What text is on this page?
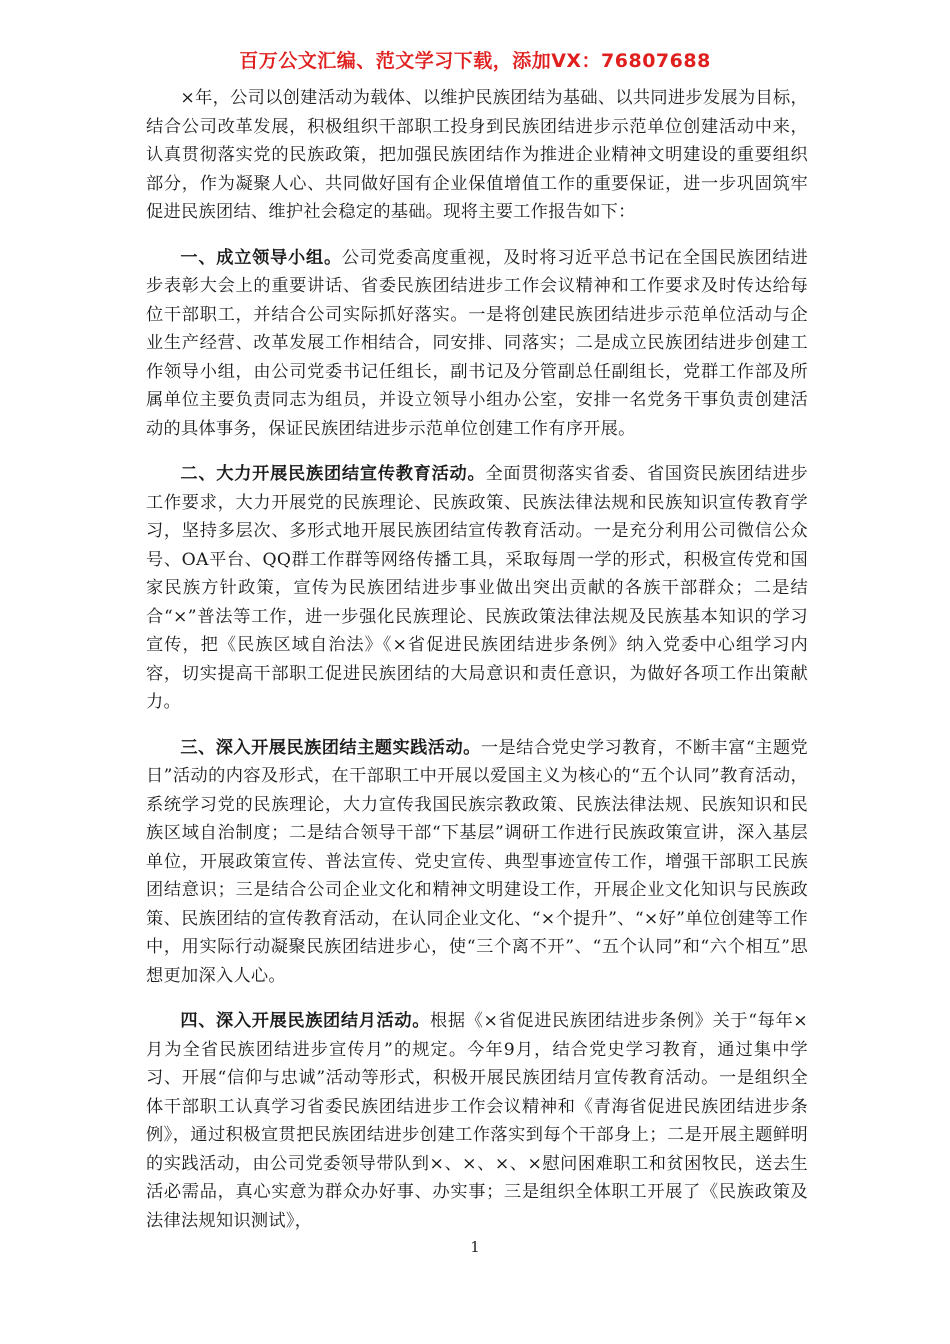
百万公文汇编、范文学习下载，添加VX：76807688

×年，公司以创建活动为载体、以维护民族团结为基础、以共同进步发展为目标，结合公司改革发展，积极组织干部职工投身到民族团结进步示范单位创建活动中来，认真贯彻落实党的民族政策，把加强民族团结作为推进企业精神文明建设的重要组织部分，作为凝聚人心、共同做好国有企业保值增值工作的重要保证，进一步巩固筑牢促进民族团结、维护社会稳定的基础。现将主要工作报告如下：

一、成立领导小组。公司党委高度重视，及时将习近平总书记在全国民族团结进步表彰大会上的重要讲话、省委民族团结进步工作会议精神和工作要求及时传达给每位干部职工，并结合公司实际抓好落实。一是将创建民族团结进步示范单位活动与企业生产经营、改革发展工作相结合，同安排、同落实；二是成立民族团结进步创建工作领导小组，由公司党委书记任组长，副书记及分管副总任副组长，党群工作部及所属单位主要负责同志为组员，并设立领导小组办公室，安排一名党务干事负责创建活动的具体事务，保证民族团结进步示范单位创建工作有序开展。

二、大力开展民族团结宣传教育活动。全面贯彻落实省委、省国资民族团结进步工作要求，大力开展党的民族理论、民族政策、民族法律法规和民族知识宣传教育学习，坚持多层次、多形式地开展民族团结宣传教育活动。一是充分利用公司微信公众号、OA平台、QQ群工作群等网络传播工具，采取每周一学的形式，积极宣传党和国家民族方针政策，宣传为民族团结进步事业做出突出贡献的各族干部群众；二是结合“×”普法等工作，进一步强化民族理论、民族政策法律法规及民族基本知识的学习宣传，把《民族区域自治法》《×省促进民族团结进步条例》纳入党委中心组学习内容，切实提高干部职工促进民族团结的大局意识和责任意识，为做好各项工作出策献力。

三、深入开展民族团结主题实践活动。一是结合党史学习教育，不断丰富“主题党日”活动的内容及形式，在干部职工中开展以爱国主义为核心的“五个认同”教育活动，系统学习党的民族理论，大力宣传我国民族宗教政策、民族法律法规、民族知识和民族区域自治制度；二是结合领导干部“下基层”调研工作进行民族政策宣讲，深入基层单位，开展政策宣传、普法宣传、党史宣传、典型事迹宣传工作，增强干部职工民族团结意识；三是结合公司企业文化和精神文明建设工作，开展企业文化知识与民族政策、民族团结的宣传教育活动，在认同企业文化、“×个提升”、“×好”单位创建等工作中，用实际行动凝聚民族团结进步心，使“三个离不开”、“五个认同”和“六个相互”思想更加深入人心。

四、深入开展民族团结月活动。根据《×省促进民族团结进步条例》关于“每年×月为全省民族团结进步宣传月”的规定。今年9月，结合党史学习教育，通过集中学习、开展“信仰与忠诚”活动等形式，积极开展民族团结月宣传教育活动。一是组织全体干部职工认真学习省委民族团结进步工作会议精神和《青海省促进民族团结进步条例》，通过积极宣贯把民族团结进步创建工作落实到每个干部身上；二是开展主题鲜明的实践活动，由公司党委领导带队到×、×、×、×慰问困难职工和贫困牧民，送去生活必需品，真心实意为群众办好事、办实事；三是组织全体职工开展了《民族政策及法律法规知识测试》，

1
